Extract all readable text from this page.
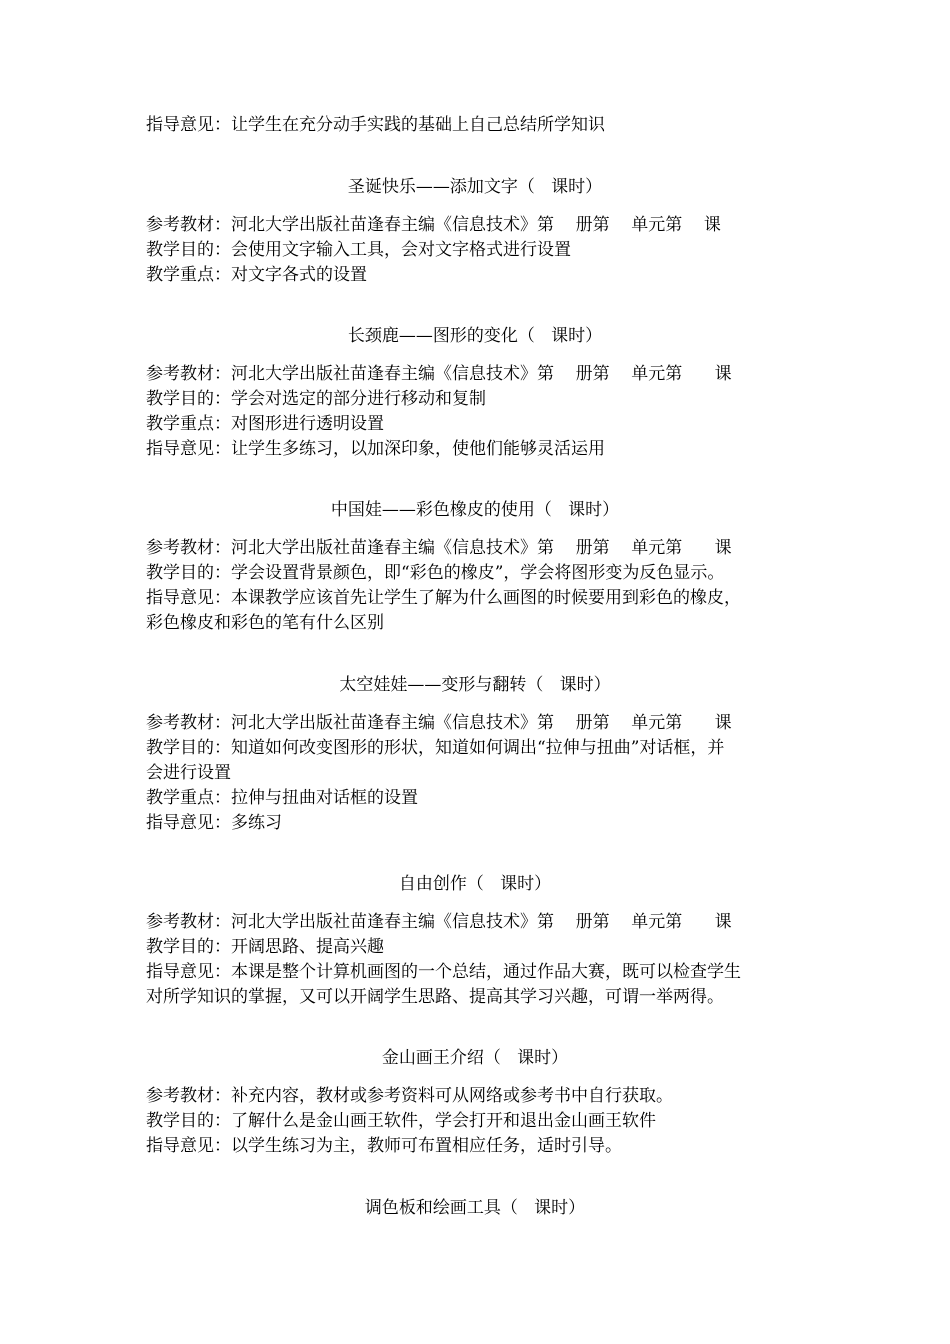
指导意见：让学生在充分动手实践的基础上自己总结所学知识
圣诞快乐——添加文字（   课时）
参考教材：河北大学出版社苗逢春主编《信息技术》第    册第    单元第    课
教学目的：会使用文字输入工具，会对文字格式进行设置
教学重点：对文字各式的设置
长颈鹿——图形的变化（   课时）
参考教材：河北大学出版社苗逢春主编《信息技术》第    册第    单元第      课
教学目的：学会对选定的部分进行移动和复制
教学重点：对图形进行透明设置
指导意见：让学生多练习，以加深印象，使他们能够灵活运用
中国娃——彩色橡皮的使用（   课时）
参考教材：河北大学出版社苗逢春主编《信息技术》第    册第    单元第      课
教学目的：学会设置背景颜色，即“彩色的橡皮”，学会将图形变为反色显示。
指导意见：本课教学应该首先让学生了解为什么画图的时候要用到彩色的橡皮，
彩色橡皮和彩色的笔有什么区别
太空娃娃——变形与翻转（   课时）
参考教材：河北大学出版社苗逢春主编《信息技术》第    册第    单元第      课
教学目的：知道如何改变图形的形状，知道如何调出“拉伸与扭曲”对话框，并
会进行设置
教学重点：拉伸与扭曲对话框的设置
指导意见：多练习
自由创作（   课时）
参考教材：河北大学出版社苗逢春主编《信息技术》第    册第    单元第      课
教学目的：开阔思路、提高兴趣
指导意见：本课是整个计算机画图的一个总结，通过作品大赛，既可以检查学生
对所学知识的掌握，又可以开阔学生思路、提高其学习兴趣，可谓一举两得。
金山画王介绍（   课时）
参考教材：补充内容，教材或参考资料可从网络或参考书中自行获取。
教学目的：了解什么是金山画王软件，学会打开和退出金山画王软件
指导意见：以学生练习为主，教师可布置相应任务，适时引导。
调色板和绘画工具（   课时）
